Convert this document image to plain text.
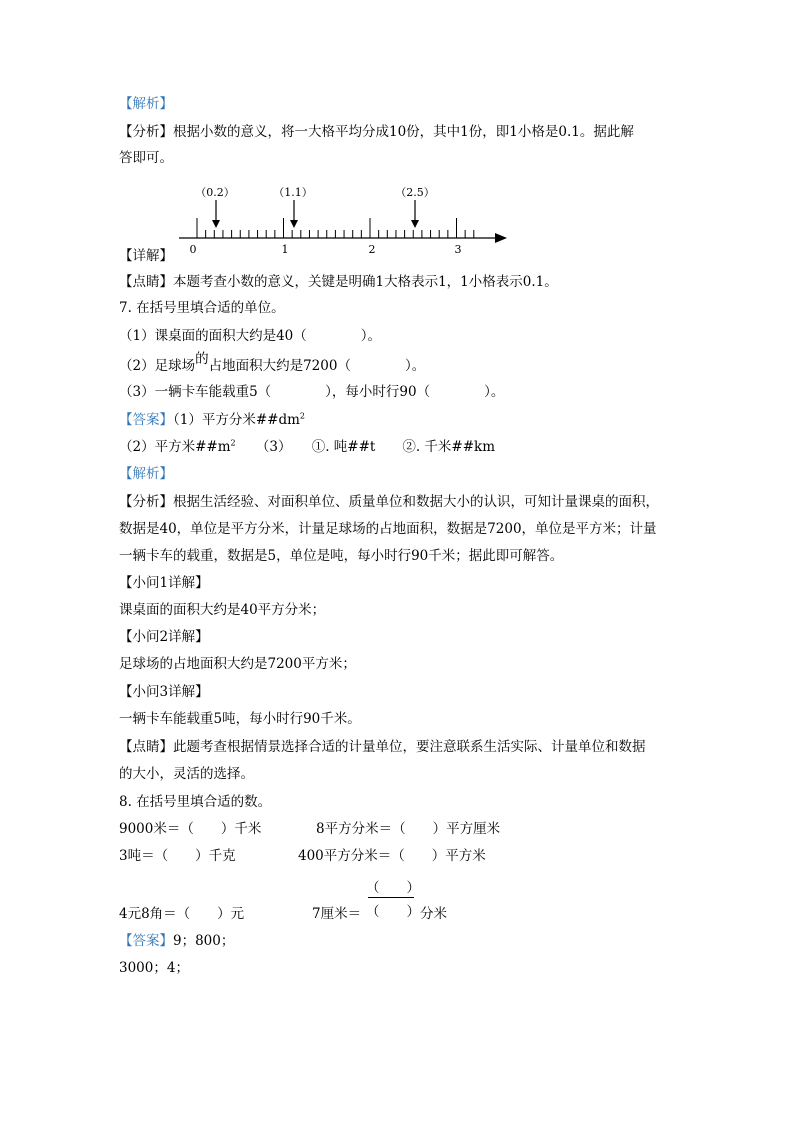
【解析】
【分析】根据小数的意义，将一大格平均分成10份，其中1份，即1小格是0.1。据此解
答即可。
0	1	2	3
（0.2）	（1.1）	（2.5）
【详解】
【点睛】本题考查小数的意义，关键是明确1大格表示1，1小格表示0.1。
7. 在括号里填合适的单位。
（1）课桌面的面积大约是40（　　　　）。
（2）足球场的占地面积大约是7200（　　　　）。
（3）一辆卡车能载重5（　　　　），每小时行90（　　　　）。
【答案】（1）平方分米$\#\#dm^2$
（2）平方米$\#\#m^2$　　（3）　　①. 吨##t　　②. 千米##km
【解析】
【分析】根据生活经验、对面积单位、质量单位和数据大小的认识，可知计量课桌的面积，
数据是40，单位是平方分米，计量足球场的占地面积，数据是7200，单位是平方米；计量
一辆卡车的载重，数据是5，单位是吨，每小时行90千米；据此即可解答。
【小问1详解】
课桌面的面积大约是40平方分米；
【小问2详解】
足球场的占地面积大约是7200平方米；
【小问3详解】
一辆卡车能载重5吨，每小时行90千米。
【点睛】此题考查根据情景选择合适的计量单位，要注意联系生活实际、计量单位和数据
的大小，灵活的选择。
8. 在括号里填合适的数。
9000米＝（　　）千米	8平方分米＝（　　）平方厘米
3吨＝（　　）千克	400平方分米＝（　　）平方米
（　　）
（　　）
4元8角＝（　　）元	7厘米＝	分米
【答案】9；800；
3000；4；
